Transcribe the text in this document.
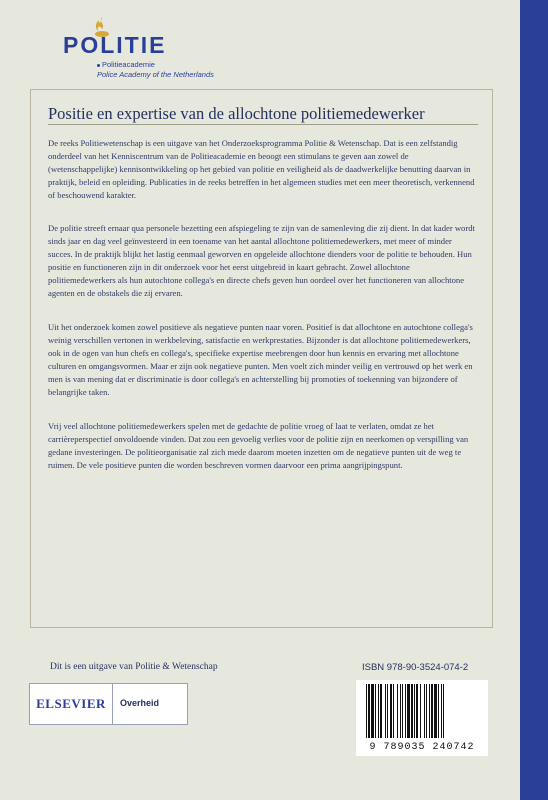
POLITIE
Politieacademie
Police Academy of the Netherlands
Positie en expertise van de allochtone politiemedewerker

De reeks Politiewetenschap is een uitgave van het Onderzoeksprogramma Politie & Wetenschap. Dat is een zelfstandig onderdeel van het Kenniscentrum van de Politieacademie en beoogt een stimulans te geven aan zowel de (wetenschappelijke) kennisontwikkeling op het gebied van politie en veiligheid als de daadwerkelijke benutting daarvan in praktijk, beleid en opleiding. Publicaties in de reeks betreffen in het algemeen studies met een meer theoretisch, verkennend of beschouwend karakter.

De politie streeft ernaar qua personele bezetting een afspiegeling te zijn van de samenleving die zij dient. In dat kader wordt sinds jaar en dag veel geïnvesteerd in een toename van het aantal allochtone politiemedewerkers, met meer of minder succes. In de praktijk blijkt het lastig eenmaal geworven en opgeleide allochtone dienders voor de politie te behouden. Hun positie en functioneren zijn in dit onderzoek voor het eerst uitgebreid in kaart gebracht. Zowel allochtone politiemedewerkers als hun autochtone collega's en directe chefs geven hun oordeel over het functioneren van allochtone agenten en de obstakels die zij ervaren.

Uit het onderzoek komen zowel positieve als negatieve punten naar voren. Positief is dat allochtone en autochtone collega's weinig verschillen vertonen in werkbeleving, satisfactie en werkprestaties. Bijzonder is dat allochtone politiemedewerkers, ook in de ogen van hun chefs en collega's, specifieke expertise meebrengen door hun kennis en ervaring met allochtone culturen en omgangsvormen. Maar er zijn ook negatieve punten. Men voelt zich minder veilig en vertrouwd op het werk en men is van mening dat er discriminatie is door collega's en achterstelling bij promoties of toekenning van bijzondere of belangrijke taken.

Vrij veel allochtone politiemedewerkers spelen met de gedachte de politie vroeg of laat te verlaten, omdat ze het carrièreperspectief onvoldoende vinden. Dat zou een gevoelig verlies voor de politie zijn en neerkomen op verspilling van gedane investeringen. De politieorganisatie zal zich mede daarom moeten inzetten om de negatieve punten uit de weg te ruimen. De vele positieve punten die worden beschreven vormen daarvoor een prima aangrijpingspunt.

Dit is een uitgave van Politie & Wetenschap	ISBN 978-90-3524-074-2
ELSEVIER	Overheid
9 789035 240742
